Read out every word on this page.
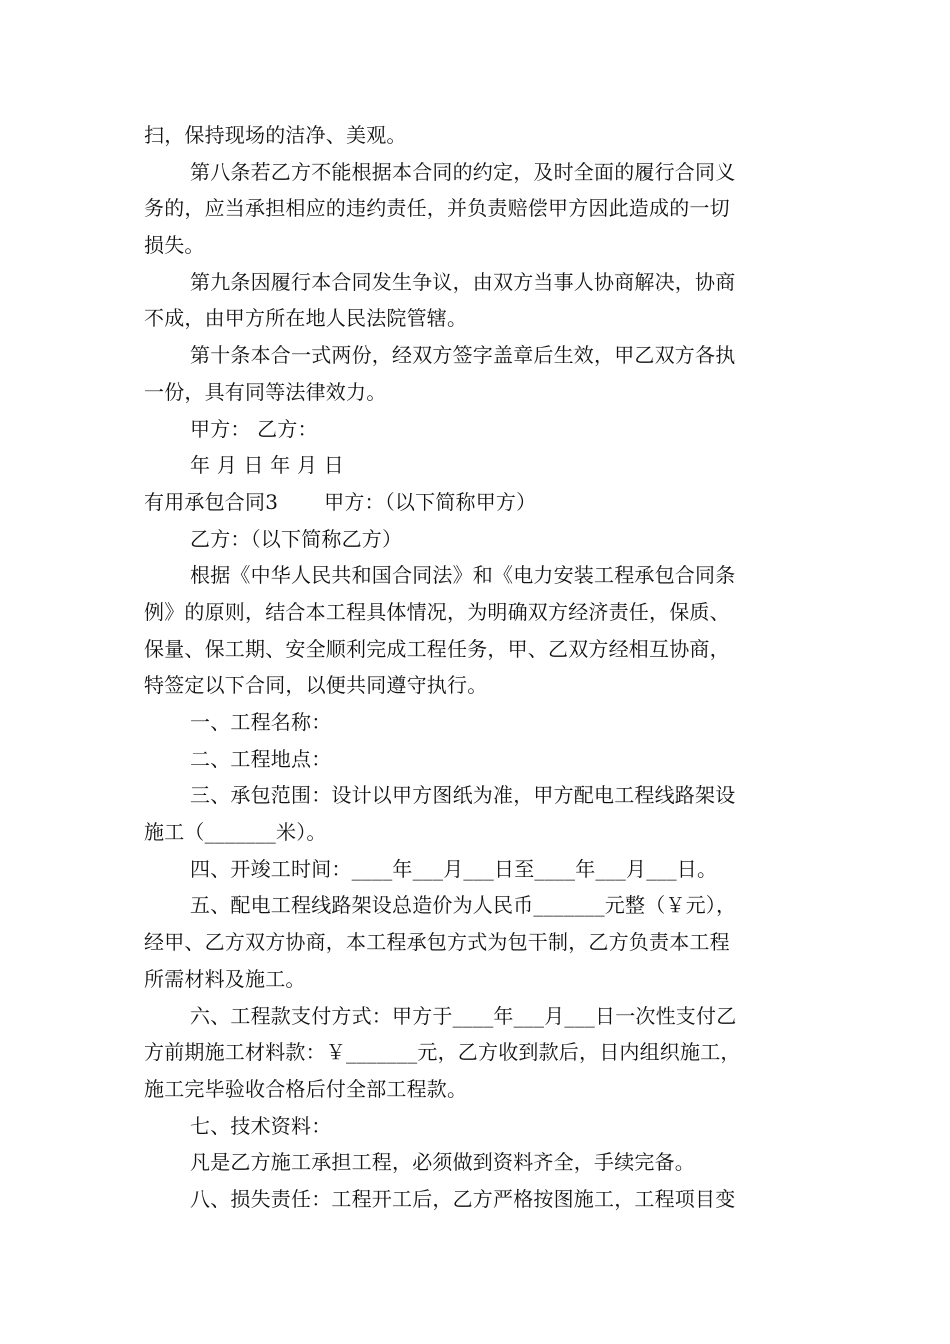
扫，保持现场的洁净、美观。
第八条若乙方不能根据本合同的约定，及时全面的履行合同义
务的，应当承担相应的违约责任，并负责赔偿甲方因此造成的一切
损失。
第九条因履行本合同发生争议，由双方当事人协商解决，协商
不成，由甲方所在地人民法院管辖。
第十条本合一式两份，经双方签字盖章后生效，甲乙双方各执
一份，具有同等法律效力。
甲方： 乙方：
年 月 日 年 月 日
有用承包合同3 甲方：（以下简称甲方）
乙方：（以下简称乙方）
根据《中华人民共和国合同法》和《电力安装工程承包合同条
例》的原则，结合本工程具体情况，为明确双方经济责任，保质、
保量、保工期、安全顺利完成工程任务，甲、乙双方经相互协商，
特签定以下合同，以便共同遵守执行。
一、工程名称：
二、工程地点：
三、承包范围：设计以甲方图纸为准，甲方配电工程线路架设
施工（_______米）。
四、开竣工时间：____年___月___日至____年___月___日。
五、配电工程线路架设总造价为人民币_______元整（￥元），
经甲、乙方双方协商，本工程承包方式为包干制，乙方负责本工程
所需材料及施工。
六、工程款支付方式：甲方于____年___月___日一次性支付乙
方前期施工材料款：￥_______元，乙方收到款后，日内组织施工，
施工完毕验收合格后付全部工程款。
七、技术资料：
凡是乙方施工承担工程，必须做到资料齐全，手续完备。
八、损失责任：工程开工后，乙方严格按图施工，工程项目变
